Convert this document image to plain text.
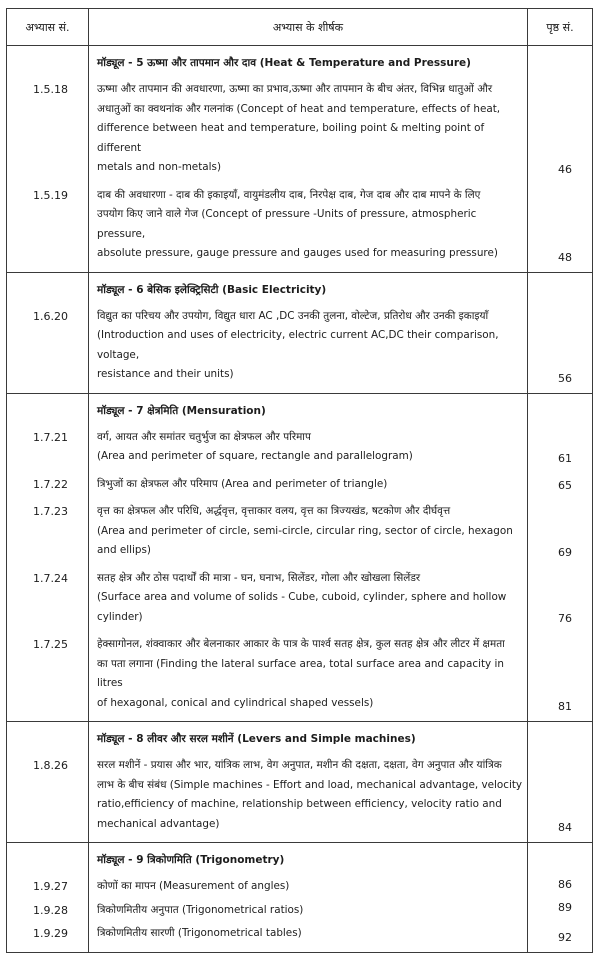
अभ्यास सं.	अभ्यास के शीर्षक	पृष्ठ सं.
	मॉड्यूल - 5 ऊष्मा और तापमान और दाव (Heat & Temperature and Pressure)	
1.5.18	ऊष्मा और तापमान की अवधारणा, ऊष्मा का प्रभाव,ऊष्मा और तापमान के बीच अंतर, विभिन्न धातुओं और
अधातुओं का क्वथनांक और गलनांक (Concept of heat and temperature, effects of heat,
difference between heat and temperature, boiling point & melting point of different
metals and non-metals)	46

1.5.19	दाब की अवधारणा - दाब की इकाइयाँ, वायुमंडलीय दाब, निरपेक्ष दाब, गेज दाब और दाब मापने के लिए
उपयोग किए जाने वाले गेज (Concept of pressure -Units of pressure, atmospheric pressure,
absolute pressure, gauge pressure and gauges used for measuring pressure)	48

	मॉड्यूल - 6 बेसिक इलेक्ट्रिसिटी (Basic Electricity)	
1.6.20	विद्युत का परिचय और उपयोग, विद्युत धारा AC ,DC उनकी तुलना, वोल्टेज, प्रतिरोध और उनकी इकाइयाँ
(Introduction and uses of electricity, electric current AC,DC their comparison, voltage,
resistance and their units)	56

	मॉड्यूल - 7 क्षेत्रमिति (Mensuration)	
1.7.21	वर्ग, आयत और समांतर चतुर्भुज का क्षेत्रफल और परिमाप
(Area and perimeter of square, rectangle and parallelogram)	61

1.7.22	त्रिभुजों का क्षेत्रफल और परिमाप (Area and perimeter of triangle)	65

1.7.23	वृत्त का क्षेत्रफल और परिधि, अर्द्धवृत्त, वृत्ताकार वलय, वृत्त का त्रिज्यखंड, षटकोण और दीर्घवृत्त
(Area and perimeter of circle, semi-circle, circular ring, sector of circle, hexagon and ellips)	69

1.7.24	सतह क्षेत्र और ठोस पदार्थों की मात्रा - घन, घनाभ, सिलेंडर, गोला और खोखला सिलेंडर
(Surface area and volume of solids - Cube, cuboid, cylinder, sphere and hollow cylinder)	76

1.7.25	हेक्सागोनल, शंक्वाकार और बेलनाकार आकार के पात्र के पार्श्व सतह क्षेत्र, कुल सतह क्षेत्र और लीटर में क्षमता
का पता लगाना (Finding the lateral surface area, total surface area and capacity in litres
of hexagonal, conical and cylindrical shaped vessels)	81

	मॉड्यूल - 8 लीवर और सरल मशीनें (Levers and Simple machines)	
1.8.26	सरल मशीनें - प्रयास और भार, यांत्रिक लाभ, वेग अनुपात, मशीन की दक्षता, दक्षता, वेग अनुपात और यांत्रिक
लाभ के बीच संबंध (Simple machines - Effort and load, mechanical advantage, velocity
ratio,efficiency of machine, relationship between efficiency, velocity ratio and
mechanical advantage)	84

	मॉड्यूल - 9 त्रिकोणमिति (Trigonometry)	
1.9.27	कोणों का मापन (Measurement of angles)	86

1.9.28	त्रिकोणमितीय अनुपात (Trigonometrical ratios)	89

1.9.29	त्रिकोणमितीय सारणी (Trigonometrical tables)	92
